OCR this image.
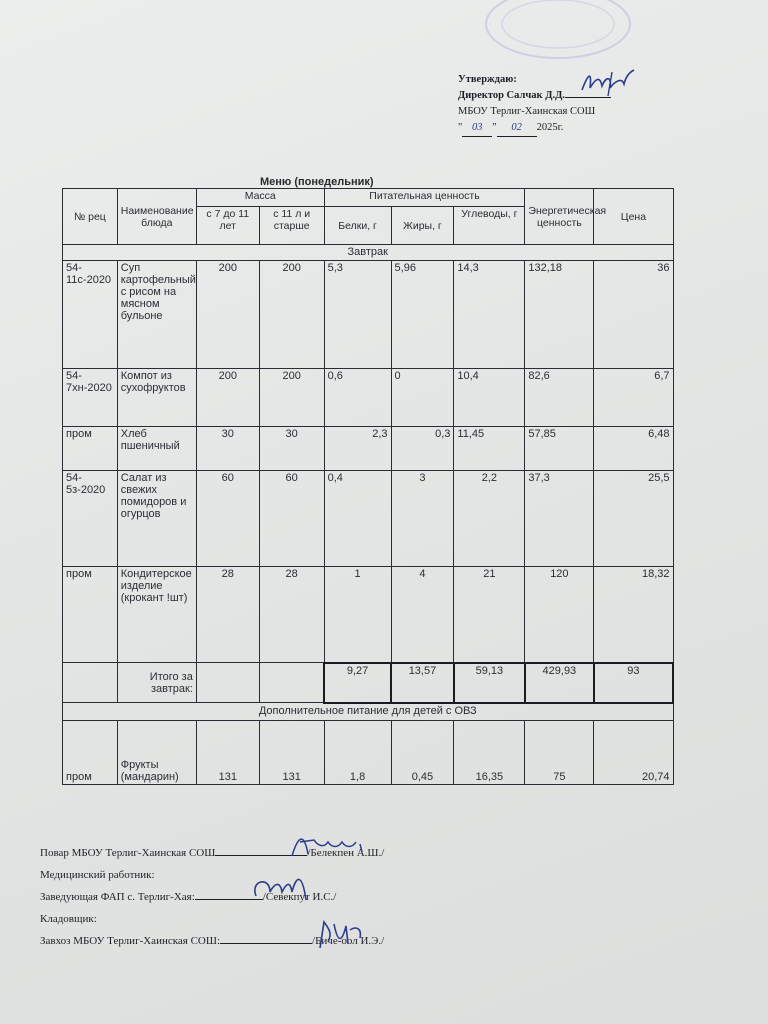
Утверждаю:
Директор Салчак Д.Д.
МБОУ Терлиг-Хаинская СОШ
" 03 " 02 2025г.
Меню (понедельник)
№ рец	Наименование блюда	Масса		Питательная ценность			Энергетическая ценность	Цена
		с 7 до 11 лет	с 11 л и старше	Белки, г	Жиры, г	Углеводы, г		
Завтрак								
54-11с-2020	Суп картофельный с рисом на мясном бульоне	200	200	5,3	5,96	14,3	132,18	36
54-7хн-2020	Компот из сухофруктов	200	200	0,6	0	10,4	82,6	6,7
пром	Хлеб пшеничный	30	30	2,3	0,3	11,45	57,85	6,48
54-5з-2020	Салат из свежих помидоров и огурцов	60	60	0,4	3	2,2	37,3	25,5
пром	Кондитерское изделие (крокант !шт)	28	28	1	4	21	120	18,32
	Итого за завтрак:			9,27	13,57	59,13	429,93	93
Дополнительное питание для детей с ОВЗ								
пром	Фрукты (мандарин)	131	131	1,8	0,45	16,35	75	20,74
Повар МБОУ Терлиг-Хаинская СОШ	/Белекпен А.Ш./
Медицинский работник:
Заведующая ФАП с. Терлиг-Хая:	/Севекпут И.С./
Кладовщик:
Завхоз МБОУ Терлиг-Хаинская СОШ:	/Биче-оол И.Э./
